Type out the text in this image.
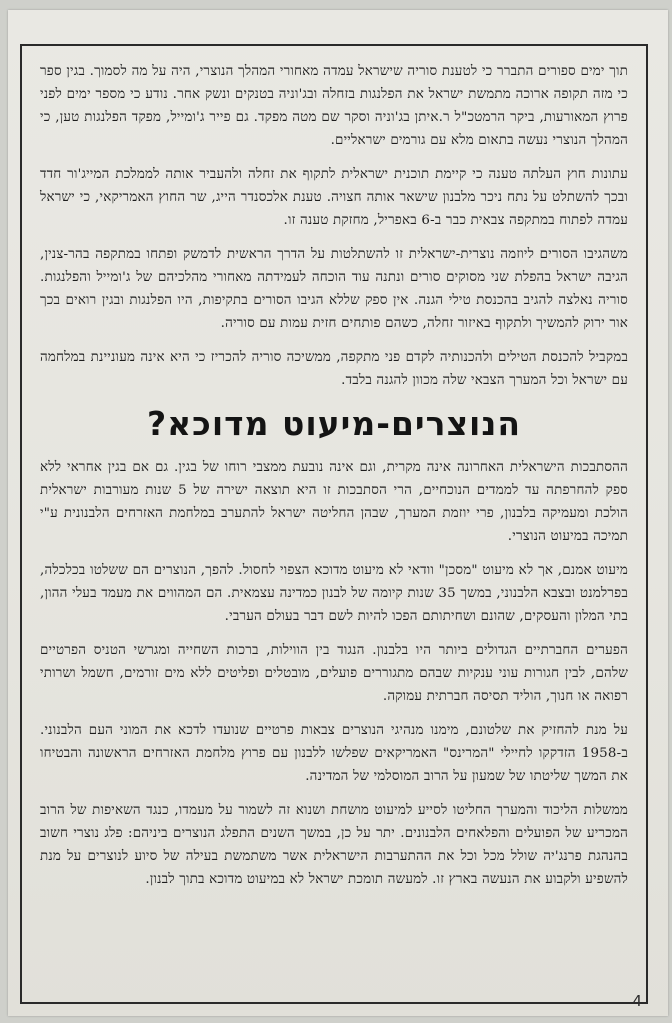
תוך ימים ספורים התברר כי לטענת סוריה שישראל עמדה מאחורי המהלך הנוצרי, היה על מה לסמוך. בגין ספר כי מזה תקופה ארוכה מתמשת ישראל את הפלנגות בזחלה ובג'וניה בטנקים ונשק אחר. נודע כי מספר ימים לפני פרוץ המאורעות, ביקר הרמטכ"ל ר.איתן בג'וניה וסקר שם מטה מפקד. גם פייר ג'ומייל, מפקד הפלנגות טען, כי המהלך הנוצרי נעשה בתאום מלא עם גורמים ישראליים.

עתונות חוץ העלתה טענה כי קיימת תוכנית ישראלית לתקוף את זחלה ולהעביר אותה לממלכת המייג'ור חדד ובכך להשתלט על נתח ניכר מלבנון שישאר אותה חצויה. טענת אלכסנדר הייג, שר החוץ האמריקאי, כי ישראל עמדה לפתוח במתקפה צבאית כבר ב-6 באפריל, מחזקת טענה זו.

משהגיבו הסורים ליוזמה נוצרית-ישראלית זו להשתלטות על הדרך הראשית לדמשק ופתחו במתקפה בהר-צנין, הגיבה ישראל בהפלת שני מסוקים סורים ונתנה עוד הוכחה לעמידתה מאחורי מהלכיהם של ג'ומייל והפלנגות. סוריה נאלצה להגיב בהכנסת טילי הגנה. אין ספק שללא הגיבו הסורים בתקיפות, היו הפלנגות ובגין רואים בכך אור ירוק להמשיך ולתקוף באיזור זחלה, כשהם פותחים חזית עמות עם סוריה.

במקביל להכנסת הטילים ולהכנותיה לקדם פני מתקפה, ממשיכה סוריה להכריז כי היא אינה מעוניינת במלחמה עם ישראל וכל המערך הצבאי שלה מכוון להגנה בלבד.

הנוצרים-מיעוט מדוכא?

ההסתבכות הישראלית האחרונה אינה מקרית, וגם אינה נובעת ממצבי רוחו של בגין. גם אם בגין אחראי ללא ספק להחרפתה עד לממדים הנוכחיים, הרי הסתבכות זו היא תוצאה ישירה של 5 שנות מעורבות ישראלית הולכת ומעמיקה בלבנון, פרי יוזמת המערך, שבהן החליטה ישראל להתערב במלחמת האזרחים הלבנונית ע"י תמיכה במיעוט הנוצרי.

מיעוט אמנם, אך לא מיעוט "מסכן" וודאי לא מיעוט מדוכא הצפוי לחסול. להפך, הנוצרים הם ששלטו בכלכלה, בפרלמנט ובצבא הלבנוני, במשך 35 שנות קיומה של לבנון כמדינה עצמאית. הם המהווים את מעמד בעלי ההון, בתי המלון והעסקים, שהונם ושחיתותם הפכו להיות לשם דבר בעולם הערבי.

הפערים החברתיים הגדולים ביותר היו בלבנון. הנגוד בין הווילות, ברכות השחייה ומגרשי הטניס הפרטיים שלהם, לבין חגורות עוני ענקיות שבהם מתגוררים פועלים, מובטלים ופליטים ללא מים זורמים, חשמל ושרותי רפואה או חנוך, הוליד תסיסה חברתית עמוקה.

על מנת להחזיק את שלטונם, מימנו מנהיגי הנוצרים צבאות פרטיים שנועדו לדכא את המוני העם הלבנוני. ב-1958 הזדקקו לחיילי "המרינס" האמריקאים שפלשו ללבנון עם פרוץ מלחמת האזרחים הראשונה והבטיחו את המשך שליטתו של שמעון על הרוב המוסלמי של המדינה.

ממשלות הליכוד והמערך החליטו לסייע למיעוט מושחת ושנוא זה לשמור על מעמדו, כנגד השאיפות של הרוב המכריע של הפועלים והפלאחים הלבנונים. יתר על כן, במשך השנים התפלג הנוצרים ביניהם: פלג נוצרי חשוב בהנהגת פרנג'יה שולל מכל וכל את ההתערבות הישראלית אשר משתמשת בעילה של סיוע לנוצרים על מנת להשפיע ולקבוע את הנעשה בארץ זו. למעשה תומכת ישראל לא במיעוט מדוכא בתוך לבנון.

4
